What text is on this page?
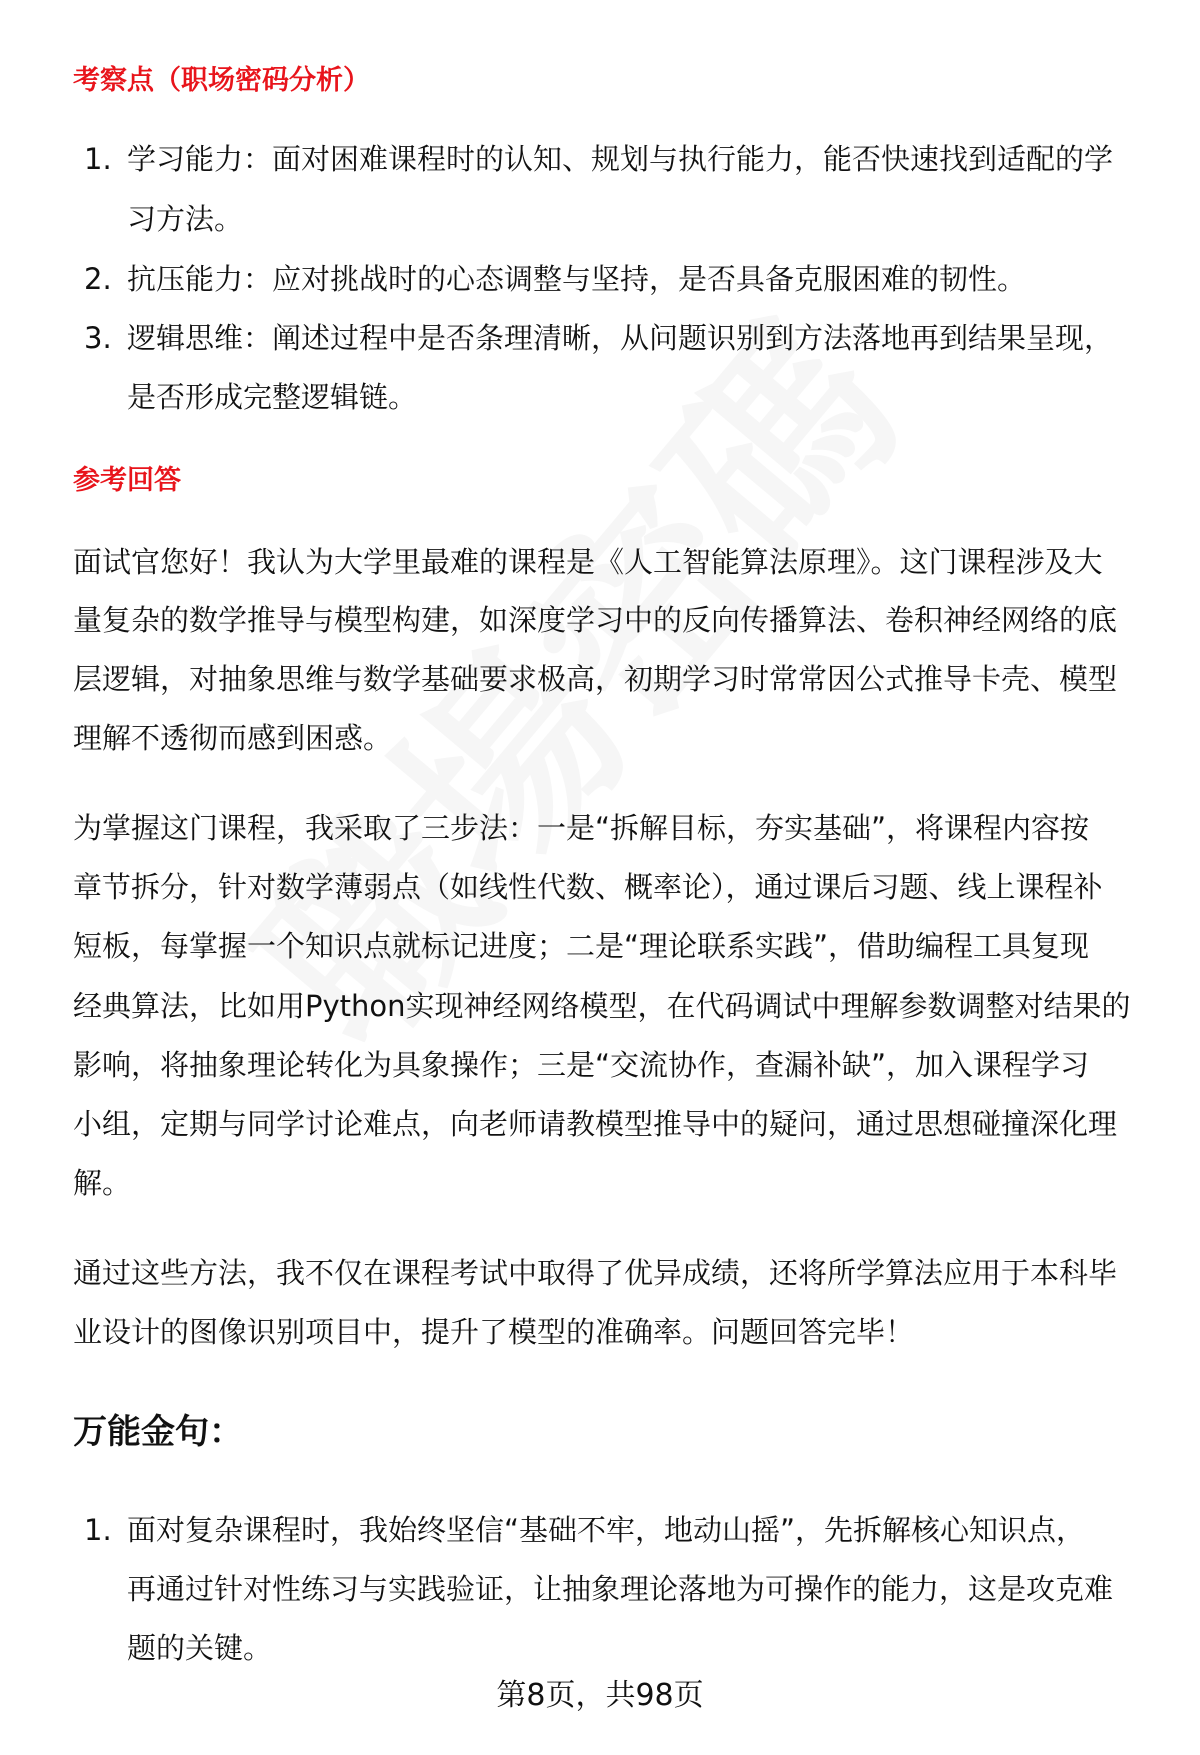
考察点（职场密码分析）
1. 学习能力：面对困难课程时的认知、规划与执行能力，能否快速找到适配的学
习方法。
2. 抗压能力：应对挑战时的心态调整与坚持，是否具备克服困难的韧性。
3. 逻辑思维：阐述过程中是否条理清晰，从问题识别到方法落地再到结果呈现，
是否形成完整逻辑链。
参考回答
面试官您好！我认为大学里最难的课程是《人工智能算法原理》。这门课程涉及大
量复杂的数学推导与模型构建，如深度学习中的反向传播算法、卷积神经网络的底
层逻辑，对抽象思维与数学基础要求极高，初期学习时常常因公式推导卡壳、模型
理解不透彻而感到困惑。
为掌握这门课程，我采取了三步法：一是“拆解目标，夯实基础”，将课程内容按
章节拆分，针对数学薄弱点（如线性代数、概率论），通过课后习题、线上课程补
短板，每掌握一个知识点就标记进度；二是“理论联系实践”，借助编程工具复现
经典算法，比如用Python实现神经网络模型，在代码调试中理解参数调整对结果的
影响，将抽象理论转化为具象操作；三是“交流协作，查漏补缺”，加入课程学习
小组，定期与同学讨论难点，向老师请教模型推导中的疑问，通过思想碰撞深化理
解。
通过这些方法，我不仅在课程考试中取得了优异成绩，还将所学算法应用于本科毕
业设计的图像识别项目中，提升了模型的准确率。问题回答完毕！
万能金句：
1. 面对复杂课程时，我始终坚信“基础不牢，地动山摇”，先拆解核心知识点，
再通过针对性练习与实践验证，让抽象理论落地为可操作的能力，这是攻克难
题的关键。
第8页，共98页
